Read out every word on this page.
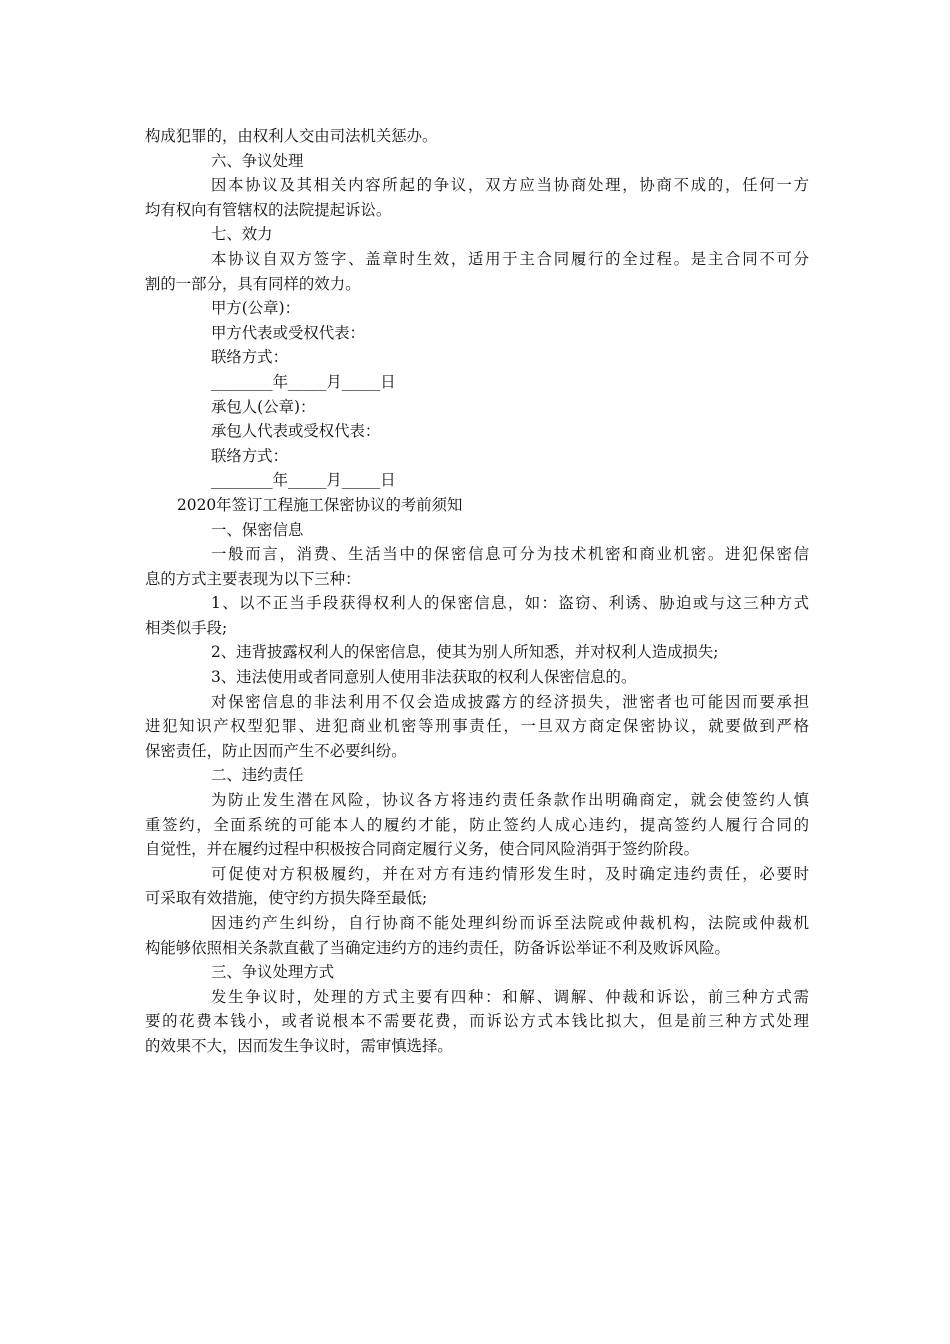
构成犯罪的，由权利人交由司法机关惩办。
六、争议处理
因本协议及其相关内容所起的争议，双方应当协商处理，协商不成的，任何一方
均有权向有管辖权的法院提起诉讼。
七、效力
本协议自双方签字、盖章时生效，适用于主合同履行的全过程。是主合同不可分
割的一部分，具有同样的效力。
甲方(公章)：
甲方代表或受权代表：
联络方式：
________年_____月_____日
承包人(公章)：
承包人代表或受权代表：
联络方式：
________年_____月_____日
2020年签订工程施工保密协议的考前须知
一、保密信息
一般而言，消费、生活当中的保密信息可分为技术机密和商业机密。进犯保密信
息的方式主要表现为以下三种：
1、以不正当手段获得权利人的保密信息，如：盗窃、利诱、胁迫或与这三种方式
相类似手段;
2、违背披露权利人的保密信息，使其为别人所知悉，并对权利人造成损失;
3、违法使用或者同意别人使用非法获取的权利人保密信息的。
对保密信息的非法利用不仅会造成披露方的经济损失，泄密者也可能因而要承担
进犯知识产权型犯罪、进犯商业机密等刑事责任，一旦双方商定保密协议，就要做到严格
保密责任，防止因而产生不必要纠纷。
二、违约责任
为防止发生潜在风险，协议各方将违约责任条款作出明确商定，就会使签约人慎
重签约，全面系统的可能本人的履约才能，防止签约人成心违约，提高签约人履行合同的
自觉性，并在履约过程中积极按合同商定履行义务，使合同风险消弭于签约阶段。
可促使对方积极履约，并在对方有违约情形发生时，及时确定违约责任，必要时
可采取有效措施，使守约方损失降至最低;
因违约产生纠纷，自行协商不能处理纠纷而诉至法院或仲裁机构，法院或仲裁机
构能够依照相关条款直截了当确定违约方的违约责任，防备诉讼举证不利及败诉风险。
三、争议处理方式
发生争议时，处理的方式主要有四种：和解、调解、仲裁和诉讼，前三种方式需
要的花费本钱小，或者说根本不需要花费，而诉讼方式本钱比拟大，但是前三种方式处理
的效果不大，因而发生争议时，需审慎选择。
